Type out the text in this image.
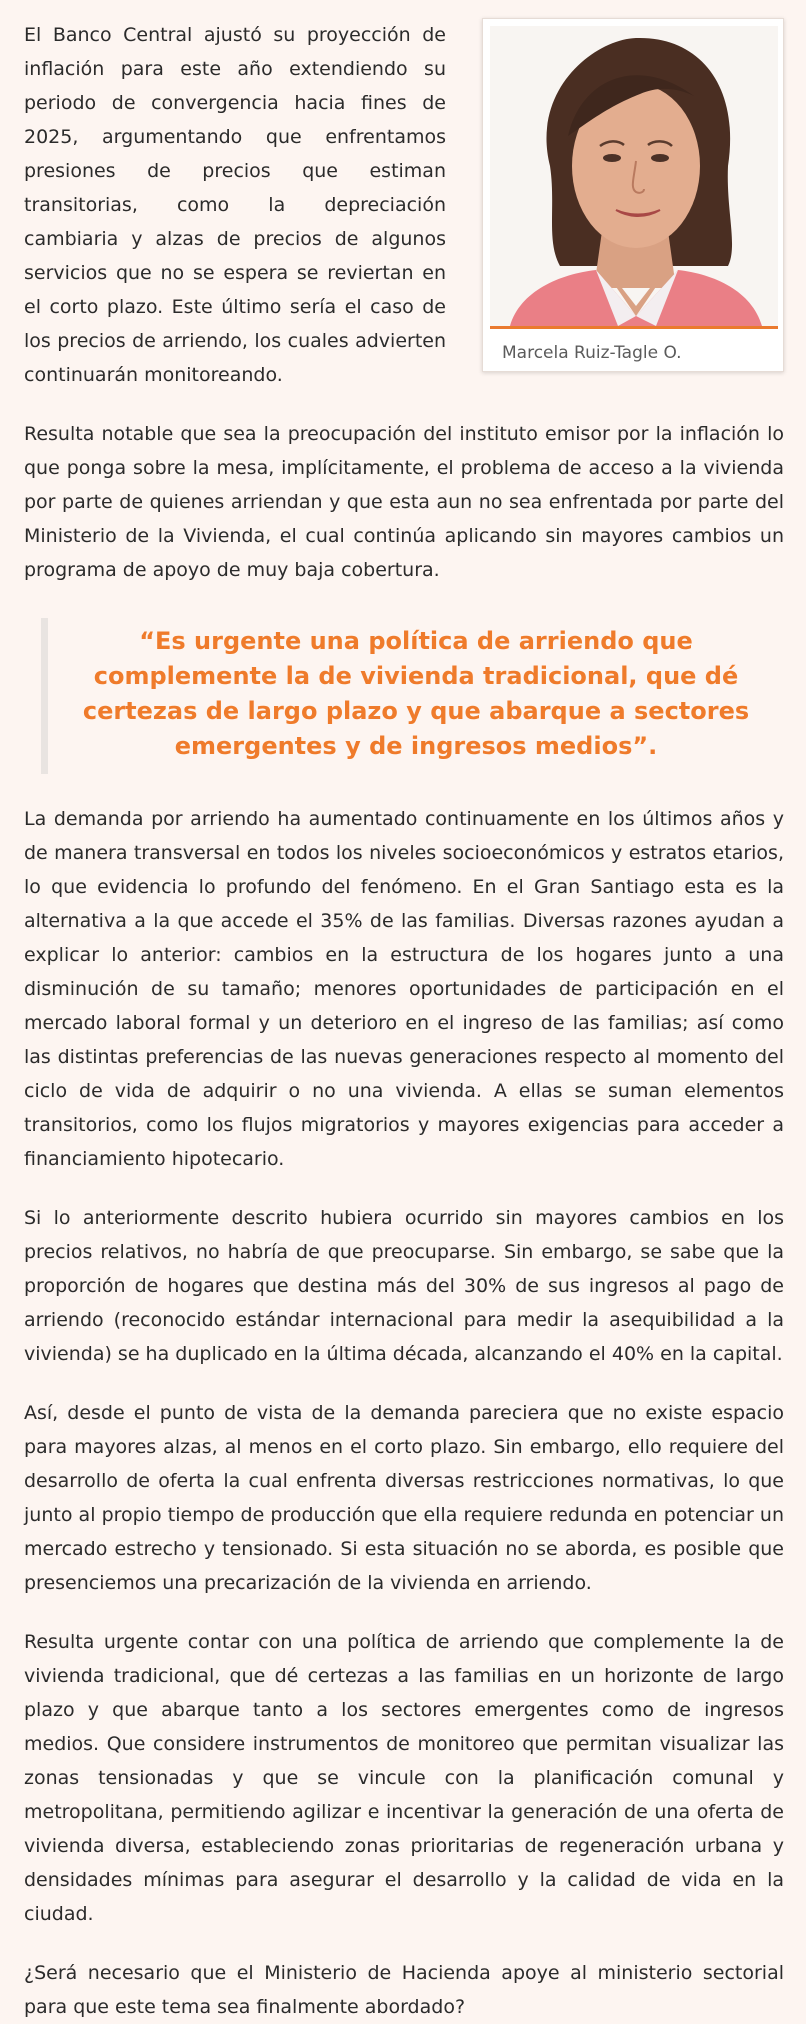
Marcela Ruiz-Tagle O.

El Banco Central ajustó su proyección de inflación para este año extendiendo su periodo de convergencia hacia fines de 2025, argumentando que enfrentamos presiones de precios que estiman transitorias, como la depreciación cambiaria y alzas de precios de algunos servicios que no se espera se reviertan en el corto plazo. Este último sería el caso de los precios de arriendo, los cuales advierten continuarán monitoreando.

Resulta notable que sea la preocupación del instituto emisor por la inflación lo que ponga sobre la mesa, implícitamente, el problema de acceso a la vivienda por parte de quienes arriendan y que esta aun no sea enfrentada por parte del Ministerio de la Vivienda, el cual continúa aplicando sin mayores cambios un programa de apoyo de muy baja cobertura.

“Es urgente una política de arriendo que complemente la de vivienda tradicional, que dé certezas de largo plazo y que abarque a sectores emergentes y de ingresos medios”.

La demanda por arriendo ha aumentado continuamente en los últimos años y de manera transversal en todos los niveles socioeconómicos y estratos etarios, lo que evidencia lo profundo del fenómeno. En el Gran Santiago esta es la alternativa a la que accede el 35% de las familias. Diversas razones ayudan a explicar lo anterior: cambios en la estructura de los hogares junto a una disminución de su tamaño; menores oportunidades de participación en el mercado laboral formal y un deterioro en el ingreso de las familias; así como las distintas preferencias de las nuevas generaciones respecto al momento del ciclo de vida de adquirir o no una vivienda. A ellas se suman elementos transitorios, como los flujos migratorios y mayores exigencias para acceder a financiamiento hipotecario.

Si lo anteriormente descrito hubiera ocurrido sin mayores cambios en los precios relativos, no habría de que preocuparse. Sin embargo, se sabe que la proporción de hogares que destina más del 30% de sus ingresos al pago de arriendo (reconocido estándar internacional para medir la asequibilidad a la vivienda) se ha duplicado en la última década, alcanzando el 40% en la capital.

Así, desde el punto de vista de la demanda pareciera que no existe espacio para mayores alzas, al menos en el corto plazo. Sin embargo, ello requiere del desarrollo de oferta la cual enfrenta diversas restricciones normativas, lo que junto al propio tiempo de producción que ella requiere redunda en potenciar un mercado estrecho y tensionado. Si esta situación no se aborda, es posible que presenciemos una precarización de la vivienda en arriendo.

Resulta urgente contar con una política de arriendo que complemente la de vivienda tradicional, que dé certezas a las familias en un horizonte de largo plazo y que abarque tanto a los sectores emergentes como de ingresos medios. Que considere instrumentos de monitoreo que permitan visualizar las zonas tensionadas y que se vincule con la planificación comunal y metropolitana, permitiendo agilizar e incentivar la generación de una oferta de vivienda diversa, estableciendo zonas prioritarias de regeneración urbana y densidades mínimas para asegurar el desarrollo y la calidad de vida en la ciudad.

¿Será necesario que el Ministerio de Hacienda apoye al ministerio sectorial para que este tema sea finalmente abordado?
